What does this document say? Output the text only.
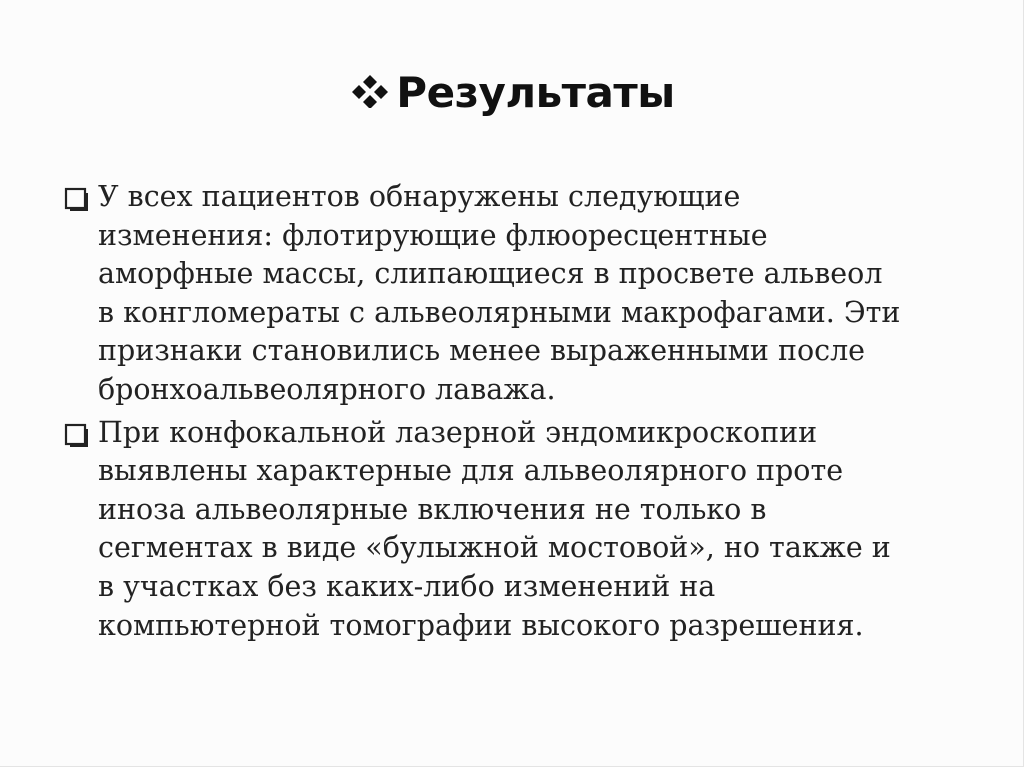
Результаты
У всех пациентов обнаружены следующие
изменения: флотирующие флюоресцентные
аморфные массы, слипающиеся в просвете альвеол
в конгломераты с альвеолярными макрофагами. Эти
признаки становились менее выраженными после
бронхоальвеолярного лаважа.
При конфокальной лазерной эндомикроскопии
выявлены характерные для альвеолярного проте
иноза альвеолярные включения не только в
сегментах в виде «булыжной мостовой», но также и
в участках без каких-либо изменений на
компьютерной томографии высокого разрешения.
